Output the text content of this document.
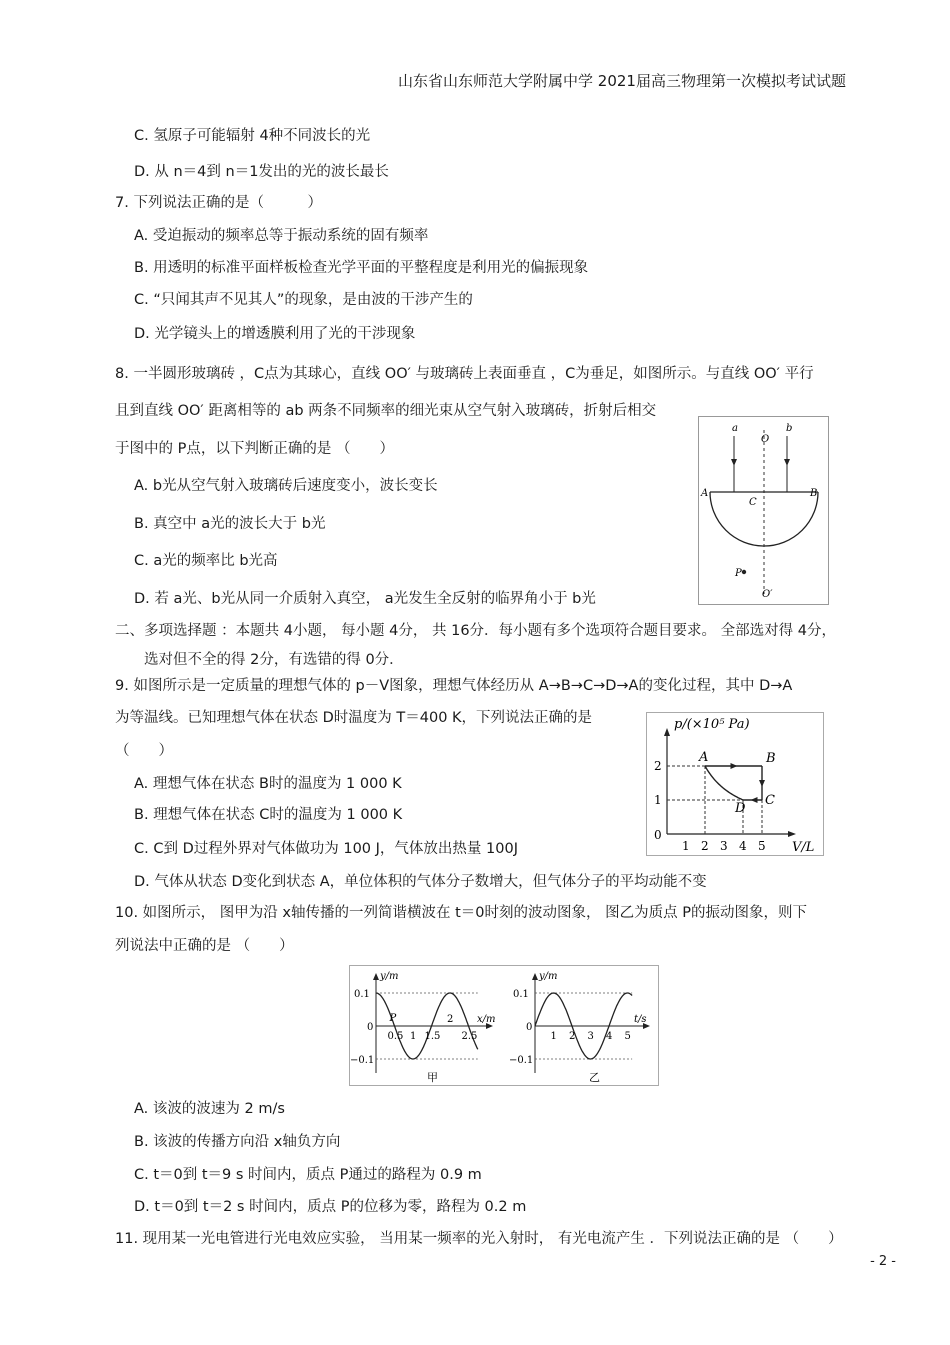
山东省山东师范大学附属中学 2021届高三物理第一次模拟考试试题
C. 氢原子可能辐射 4种不同波长的光
D. 从 n＝4到 n＝1发出的光的波长最长
7. 下列说法正确的是（　　　）
A. 受迫振动的频率总等于振动系统的固有频率
B. 用透明的标准平面样板检查光学平面的平整程度是利用光的偏振现象
C. “只闻其声不见其人”的现象，是由波的干涉产生的
D. 光学镜头上的增透膜利用了光的干涉现象
8. 一半圆形玻璃砖 ，C点为其球心，直线 OO′ 与玻璃砖上表面垂直 ，C为垂足，如图所示。与直线 OO′ 平行
且到直线 OO′ 距离相等的 ab 两条不同频率的细光束从空气射入玻璃砖，折射后相交
于图中的 P点，以下判断正确的是 （　　）
A. b光从空气射入玻璃砖后速度变小，波长变长
B. 真空中 a光的波长大于 b光
C. a光的频率比 b光高
D. 若 a光、b光从同一介质射入真空， a光发生全反射的临界角小于 b光
a	b
O
A	B
C
P
O′
二、多项选择题 ：本题共 4小题， 每小题 4分， 共 16分．每小题有多个选项符合题目要求。 全部选对得 4分，
选对但不全的得 2分，有选错的得 0分．
9. 如图所示是一定质量的理想气体的 p－V图象，理想气体经历从 A→B→C→D→A的变化过程，其中 D→A
为等温线。已知理想气体在状态 D时温度为 T＝400 K，下列说法正确的是
（　　）
A. 理想气体在状态 B时的温度为 1 000 K
B. 理想气体在状态 C时的温度为 1 000 K
C. C到 D过程外界对气体做功为 100 J，气体放出热量 100J
D. 气体从状态 D变化到状态 A，单位体积的气体分子数增大，但气体分子的平均动能不变
1 2 3 4 5
1
2
A	B
C
D
p/(×10⁵ Pa)
V/L
0
10. 如图所示， 图甲为沿 x轴传播的一列简谐横波在 t＝0时刻的波动图象， 图乙为质点 P的振动图象，则下
列说法中正确的是 （　　）
y/m
x/m
0.1
−0.1
0
0.5 1 1.5
2
2.5
P
甲
y/m
t/s
0.1
−0.1
0
1 2 3 4 5
乙
A. 该波的波速为 2 m/s
B. 该波的传播方向沿 x轴负方向
C. t＝0到 t＝9 s 时间内，质点 P通过的路程为 0.9 m
D. t＝0到 t＝2 s 时间内，质点 P的位移为零，路程为 0.2 m
11. 现用某一光电管进行光电效应实验， 当用某一频率的光入射时， 有光电流产生 ．下列说法正确的是 （　　）
- 2 -
